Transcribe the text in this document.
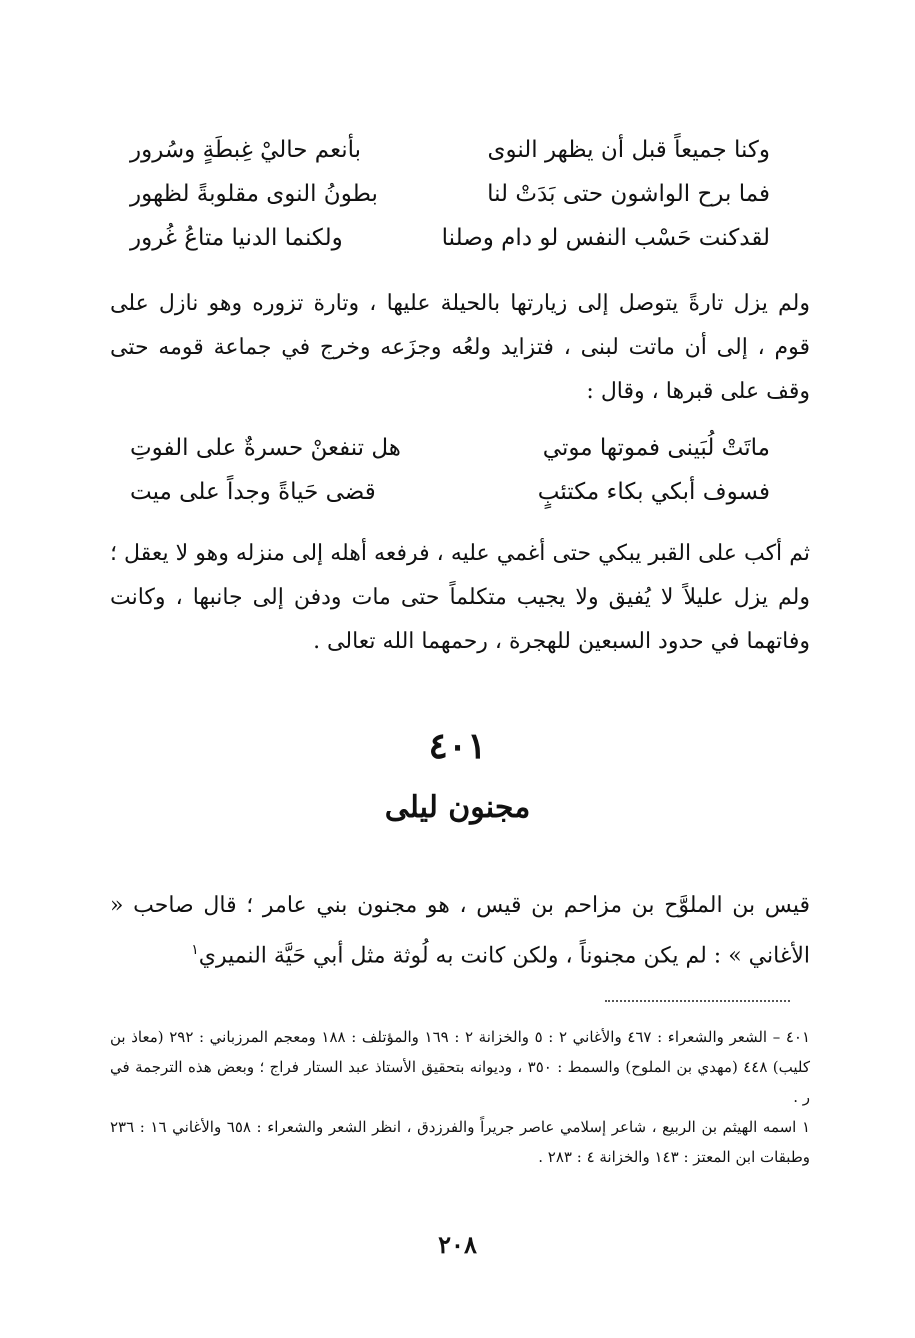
وكنا جميعاً قبل أن يظهر النوى
بأنعم حاليْ غِبطَةٍ وسُرور
فما برح الواشون حتى بَدَتْ لنا
بطونُ النوى مقلوبةً لظهور
لقدكنت حَسْب النفس لو دام وصلنا
ولكنما الدنيا متاعُ غُرور

ولم يزل تارةً يتوصل إلى زيارتها بالحيلة عليها ، وتارة تزوره وهو نازل على قوم ، إلى أن ماتت لبنى ، فتزايد ولعُه وجزَعه وخرج في جماعة قومه حتى وقف على قبرها ، وقال :

ماتَتْ لُبَينى فموتها موتي
هل تنفعنْ حسرةٌ على الفوتِ
فسوف أبكي بكاء مكتئبٍ
قضى حَياةً وجداً على ميت

ثم أكب على القبر يبكي حتى أغمي عليه ، فرفعه أهله إلى منزله وهو لا يعقل ؛ ولم يزل عليلاً لا يُفيق ولا يجيب متكلماً حتى مات ودفن إلى جانبها ، وكانت وفاتهما في حدود السبعين للهجرة ، رحمهما الله تعالى .

٤٠١
مجنون ليلى

قيس بن الملوَّح بن مزاحم بن قيس ، هو مجنون بني عامر ؛ قال صاحب « الأغاني » : لم يكن مجنوناً ، ولكن كانت به لُوثة مثل أبي حَيَّة النميري$^١$

٤٠١ – الشعر والشعراء : ٤٦٧ والأغاني ٢ : ٥ والخزانة ٢ : ١٦٩ والمؤتلف : ١٨٨ ومعجم المرزباني : ٢٩٢ (معاذ بن كليب) ٤٤٨ (مهدي بن الملوح) والسمط : ٣٥٠ ، وديوانه بتحقيق الأستاذ عبد الستار فراج ؛ وبعض هذه الترجمة في ر .

١ اسمه الهيثم بن الربيع ، شاعر إسلامي عاصر جريراً والفرزدق ، انظر الشعر والشعراء : ٦٥٨ والأغاني ١٦ : ٢٣٦ وطبقات ابن المعتز : ١٤٣ والخزانة ٤ : ٢٨٣ .

٢٠٨
